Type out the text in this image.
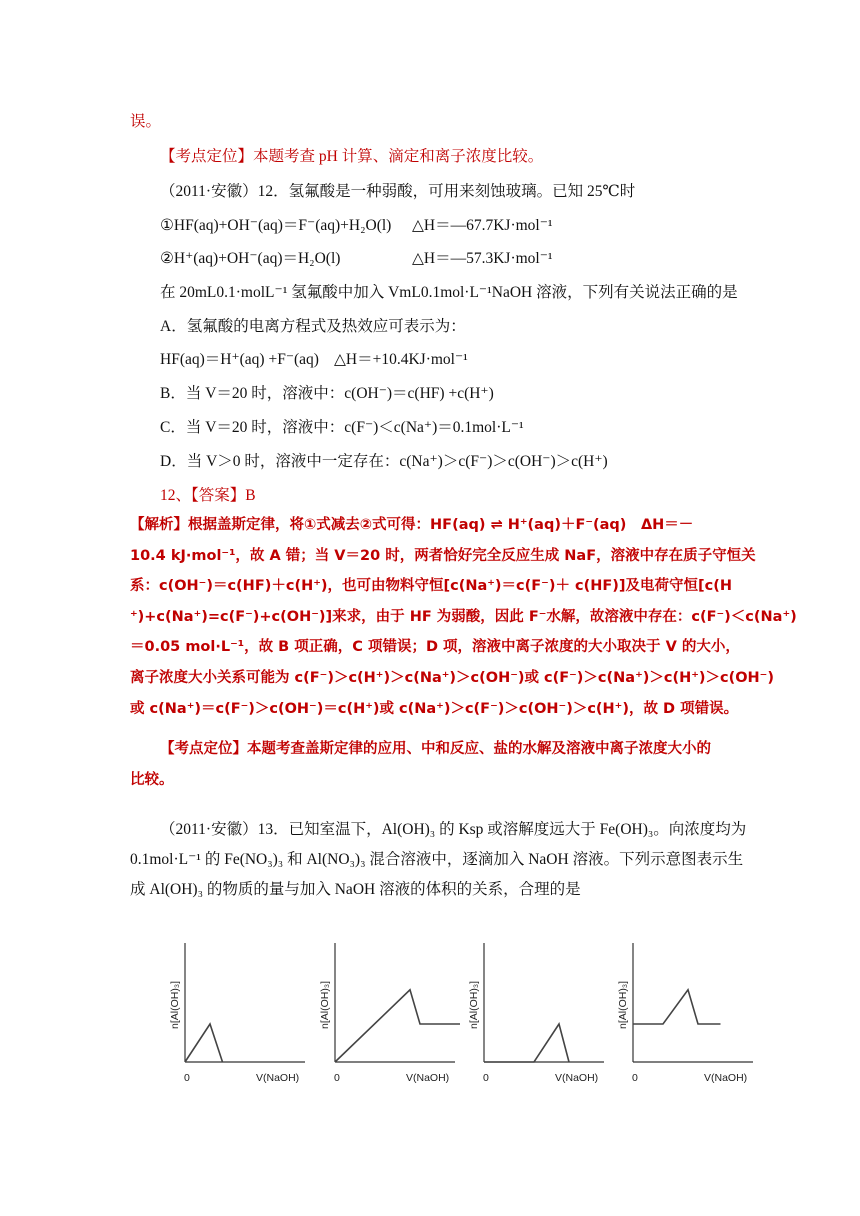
误。
【考点定位】本题考查 pH 计算、滴定和离子浓度比较。
（2011·安徽）12．氢氟酸是一种弱酸，可用来刻蚀玻璃。已知 25℃时
①HF(aq)+OH⁻(aq)＝F⁻(aq)+H₂O(l) △H＝—67.7KJ·mol⁻¹
②H⁺(aq)+OH⁻(aq)＝H₂O(l)	△H＝—57.3KJ·mol⁻¹
在 20mL0.1·molL⁻¹ 氢氟酸中加入 VmL0.1mol·L⁻¹NaOH 溶液，下列有关说法正确的是
A．氢氟酸的电离方程式及热效应可表示为：
HF(aq)＝H⁺(aq) +F⁻(aq) △H＝+10.4KJ·mol⁻¹
B．当 V＝20 时，溶液中：c(OH⁻)＝c(HF) +c(H⁺)
C．当 V＝20 时，溶液中：c(F⁻)＜c(Na⁺)＝0.1mol·L⁻¹
D．当 V＞0 时，溶液中一定存在：c(Na⁺)＞c(F⁻)＞c(OH⁻)＞c(H⁺)
12、【答案】B

【解析】根据盖斯定律，将①式减去②式可得：HF(aq) ⇌ H⁺(aq)＋F⁻(aq)　ΔH＝－

10.4 kJ·mol⁻¹，故 A 错；当 V＝20 时，两者恰好完全反应生成 NaF，溶液中存在质子守恒关

系：c(OH⁻)＝c(HF)＋c(H⁺)，也可由物料守恒[c(Na⁺)＝c(F⁻)＋ c(HF)]及电荷守恒[c(H

⁺)+c(Na⁺)=c(F⁻)+c(OH⁻)]来求，由于 HF 为弱酸，因此 F⁻水解，故溶液中存在：c(F⁻)＜c(Na⁺)

＝0.05 mol·L⁻¹，故 B 项正确，C 项错误；D 项，溶液中离子浓度的大小取决于 V 的大小，

离子浓度大小关系可能为 c(F⁻)＞c(H⁺)＞c(Na⁺)＞c(OH⁻)或 c(F⁻)＞c(Na⁺)＞c(H⁺)＞c(OH⁻)

或 c(Na⁺)＝c(F⁻)＞c(OH⁻)＝c(H⁺)或 c(Na⁺)＞c(F⁻)＞c(OH⁻)＞c(H⁺)，故 D 项错误。

【考点定位】本题考查盖斯定律的应用、中和反应、盐的水解及溶液中离子浓度大小的

比较。

（2011·安徽）13．已知室温下，Al(OH)₃ 的 Ksp 或溶解度远大于 Fe(OH)₃。向浓度均为

0.1mol·L⁻¹ 的 Fe(NO₃)₃ 和 Al(NO₃)₃ 混合溶液中，逐滴加入 NaOH 溶液。下列示意图表示生

成 Al(OH)₃ 的物质的量与加入 NaOH 溶液的体积的关系，合理的是

n[Al(OH)₃]
0	V(NaOH)
n[Al(OH)₃]
0	V(NaOH)
n[Al(OH)₃]
0	V(NaOH)
n[Al(OH)₃]
0	V(NaOH)
